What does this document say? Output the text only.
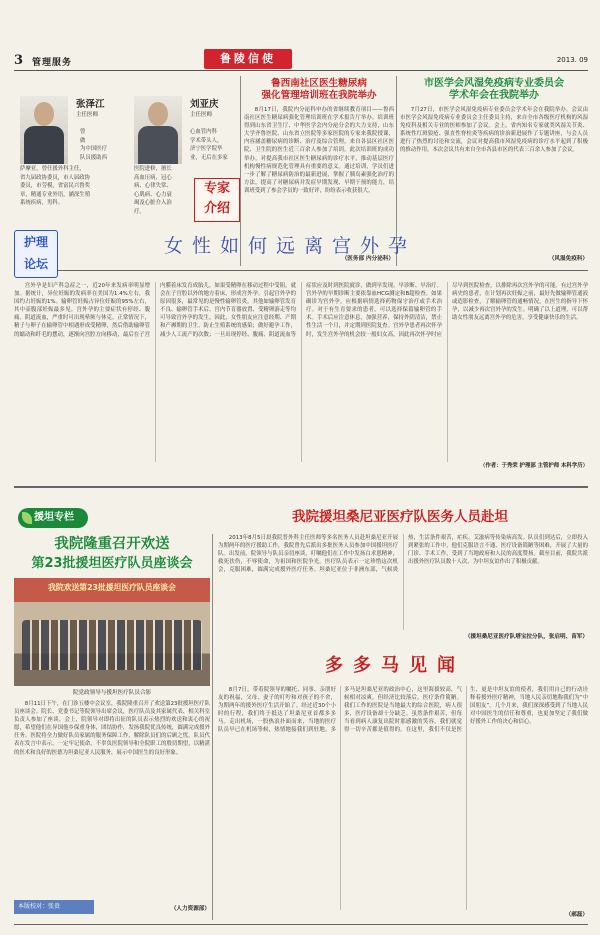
3 管理服务	鲁陵信使	2013. 09
张泽江
主任医师
曾
做
为中国医疗
队员援助西
萨摩亚，曾任援外科主任，
省九届政协委员，市人届政协
委员，市劳模，省富民兴鲁奖
章，精通专业外语，涵深生殖
系统疾病，男科。
刘亚庆
主任医师
心血管内科
学术带头人，
济宁医学院毕
业，无后在多家
医院进修，擅长
高血压病，冠心
病、心律失常、
心肌病、心力衰
竭及心脏介入治
疗。
专家
介绍
鲁西南社区医生糖尿病
强化管理培训班在我院举办

8月17日，我院内分泌科申办的省继续教育项目——鲁西南社区医生糖尿病强化管理培训班在学术报告厅举办。培训班得到山东省卫生厅、中华医学会内分泌分会的大力支持，山东大学齐鲁医院、山东省立医院等多家医院的专家来我院授课，内容涵盖糖尿病的诊断、治疗及综合管理，来自各县区社区医院、卫生院的医生近三百余人参加了培训。此次培训班的成功举办，对提高我市社区医生糖尿病的诊疗水平，推动基层医疗机构慢性病规范化管理具有重要的意义。通过培训，学员们进一步了解了糖尿病防治的最新进展，掌握了胰岛素强化治疗的方法，提高了对糖尿病并发症早期发现、早期干预的能力，培训班受到了参会学员的一致好评，纷纷表示收获很大。

（医务部 内分泌科）
市医学会风湿免疫病专业委员会
学术年会在我院举办

7月27日，市医学会风湿免疫病专业委员会学术年会在我院举办。会议由市医学会风湿免疫病专业委员会主任委员主持，来自全市各级医疗机构的风湿免疫科及相关专业的医师参加了会议。会上，省内知名专家就类风湿关节炎、系统性红斑狼疮、强直性脊柱炎等疾病的诊治新进展作了专题讲座，与会人员进行了热烈的讨论和交流，会议对提高我市风湿免疫病的诊疗水平起到了积极的推动作用。本次会议共有来自全市各县市区的代表三百余人参加了会议。

（风湿免疫科）
护理
论坛
女性如何远离宫外孕

宫外孕是妇产科急症之一，近20年来发病率明显增加。据统计，异位妊娠的发病率在美国为1.4%左右，我国约占妊娠的1%。输卵管妊娠占异位妊娠的95%左右，其中壶腹部妊娠最多见。宫外孕的主要症状有停经、腹痛、阴道流血，严重时可出现晕厥与休克。正常情况下，精子与卵子在输卵管中相遇形成受精卵，然后借助输卵管的蠕动和纤毛的摆动，逐渐向宫腔方向移动，最后在子宫内膜着床发育成胎儿。如果受精卵在移动过程中受阻，就会在子宫腔以外的地方着床，形成宫外孕。引起宫外孕的原因很多，最常见的是慢性输卵管炎，其他如输卵管发育不良、输卵管手术后、宫内节育器放置、受精卵游走等均可导致宫外孕的发生。因此，女性朋友应注意经期、产期和产褥期的卫生，防止生殖系统的感染；做好避孕工作，减少人工流产的次数；一旦出现停经、腹痛、阴道流血等症状应及时到医院就诊，做到早发现、早诊断、早治疗。宫外孕的早期诊断主要依靠血HCG测定和B超检查。如果确诊为宫外孕，应根据病情选择药物保守治疗或手术治疗。对于有生育要求的患者，可以选择保留输卵管的手术。手术后应注意休息，加强营养，保持外阴清洁，禁止性生活一个月，并定期到医院复查。宫外孕患者再次怀孕时，发生宫外孕的机会较一般妇女高，因此再次怀孕时应尽早到医院检查，以排除再次宫外孕的可能。有过宫外孕病史的患者，在计划再次妊娠之前，最好先做输卵管通液或造影检查，了解输卵管的通畅情况，在医生的指导下怀孕，以减少再次宫外孕的发生。明确了以上道理，可以帮助女性朋友远离宫外孕的危害，享受健康快乐的生活。

（作者：于秀荣 护理部 主管护师 本科学历）
援坦专栏	我院援坦桑尼亚医疗队医务人员赴坦
我院隆重召开欢送
第23批援坦医疗队员座谈会
我院欢送第23批援坦医疗队员座谈会
院党政领导与援坦医疗队员合影

8月11日下午，在门诊五楼中会议室，我院隆重召开了欢送第23批援坦医疗队员座谈会。院长、党委书记等院领导出席会议，医疗队员及其家属代表、相关科室负责人参加了座谈。会上，院领导对即将出征的队员表示热烈的欢送和衷心的祝愿，希望他们在异国他乡保重身体，团结协作，发扬我院优良传统，圆满完成援外任务。医院将全力做好队员家属的服务保障工作，解除队员们的后顾之忧。队员代表在发言中表示，一定牢记使命，不辜负医院领导和全院职工的殷切期望，以精湛的医术和良好的医德为坦桑尼亚人民服务，展示中国医生的良好形象。

（人力资源部）
本版校对：张贵

2013年8月5日晨我院普外科主任医师等多名医务人员赴坦桑尼亚开展为期两年的医疗援助工作，我院曾先后派出多批医务人员参加中国援坦医疗队。出发前，院领导与队员亲切座谈，叮嘱他们在工作中发扬白求恩精神，救死扶伤，不辱使命，为祖国和医院争光。医疗队员表示一定珍惜这次机会，克服困难，圆满完成援外医疗任务。坦桑尼亚位于非洲东部，气候炎热，生活条件艰苦，疟疾、艾滋病等传染病高发。队员们到达后，立即投入到紧张的工作中，他们克服语言不通、医疗设备简陋等困难，开展了大量的门诊、手术工作，受到了当地政府和人民的高度赞扬。截至目前，我院共派出援外医疗队员数十人次，为中坦友谊作出了积极贡献。

（援坦桑尼亚医疗队塔宝拉分队，张启明、苗军）
多多马见闻

8月7日，带着院领导的嘱托、同事、亲朋好友的祝福，父母、妻子的叮咛和对孩子的不舍，为期两年的援外医疗生活开始了。经过近30个小时的行程，我们终于抵达了坦桑尼亚首都多多马。走出机场，一股热浪扑面而来，当地的医疗队员早已在机场等候，热情地接我们到驻地。多多马是坦桑尼亚的政治中心，这里海拔较高，气候相对凉爽，但经济比较落后，医疗条件简陋。我们工作的医院是当地最大的综合医院，病人很多，医疗设备却十分缺乏。虽然条件艰苦，但每当看到病人康复出院时那感激的笑容，我们就觉得一切辛苦都是值得的。在这里，我们不仅是医生，更是中坦友谊的使者，我们用自己的行动诠释着援外医疗精神，当地人民亲切地称我们为“中国朋友”。几个月来，我们深深感受到了当地人民对中国医生的信任和尊重，也更加坚定了我们做好援外工作的决心和信心。

（郝磊）
